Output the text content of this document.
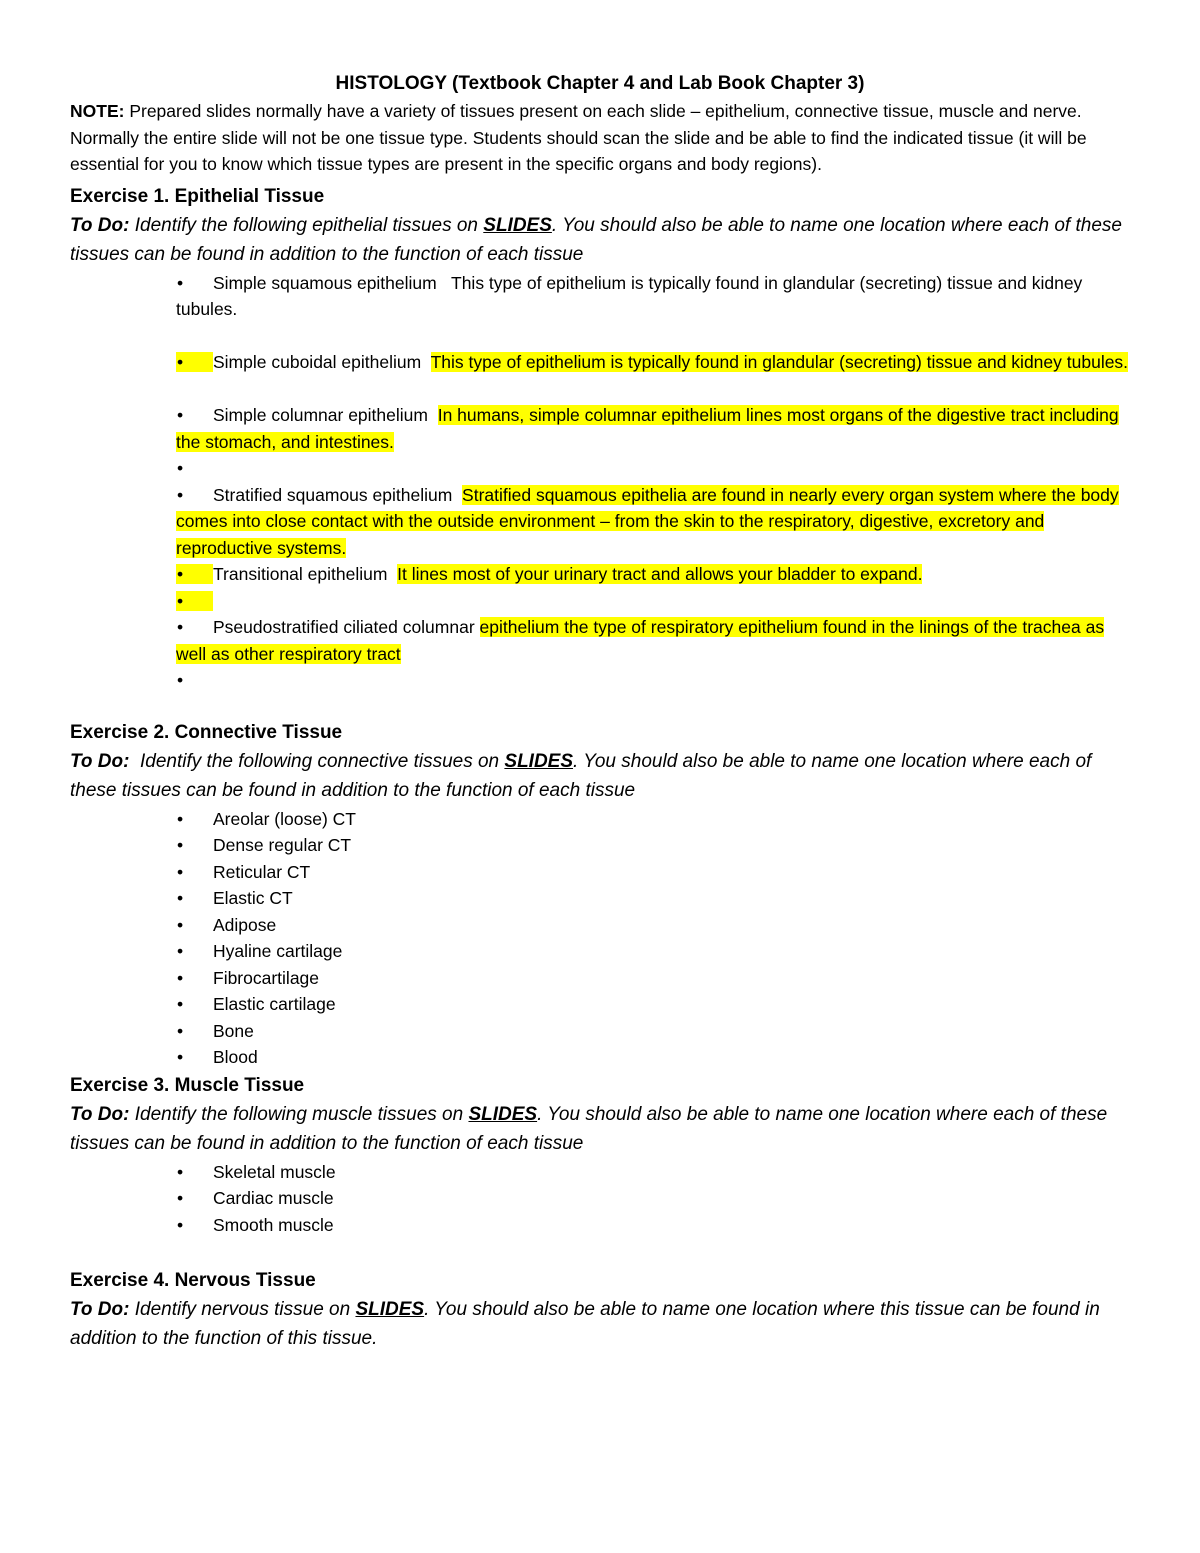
HISTOLOGY (Textbook Chapter 4 and Lab Book Chapter 3)

NOTE: Prepared slides normally have a variety of tissues present on each slide – epithelium, connective tissue, muscle and nerve. Normally the entire slide will not be one tissue type. Students should scan the slide and be able to find the indicated tissue (it will be essential for you to know which tissue types are present in the specific organs and body regions).

Exercise 1. Epithelial Tissue

To Do: Identify the following epithelial tissues on SLIDES. You should also be able to name one location where each of these tissues can be found in addition to the function of each tissue

• Simple squamous epithelium   This type of epithelium is typically found in glandular (secreting) tissue and kidney tubules.
• Simple cuboidal epithelium This type of epithelium is typically found in glandular (secreting) tissue and kidney tubules.
• Simple columnar epithelium In humans, simple columnar epithelium lines most organs of the digestive tract including the stomach, and intestines.
•
• Stratified squamous epithelium Stratified squamous epithelia are found in nearly every organ system where the body comes into close contact with the outside environment – from the skin to the respiratory, digestive, excretory and reproductive systems.
• Transitional epithelium It lines most of your urinary tract and allows your bladder to expand.
•
• Pseudostratified ciliated columnar epithelium the type of respiratory epithelium found in the linings of the trachea as well as other respiratory tract
•

Exercise 2. Connective Tissue

To Do:  Identify the following connective tissues on SLIDES. You should also be able to name one location where each of these tissues can be found in addition to the function of each tissue

• Areolar (loose) CT
• Dense regular CT
• Reticular CT
• Elastic CT
• Adipose
• Hyaline cartilage
• Fibrocartilage
• Elastic cartilage
• Bone
• Blood

Exercise 3. Muscle Tissue

To Do: Identify the following muscle tissues on SLIDES. You should also be able to name one location where each of these tissues can be found in addition to the function of each tissue

• Skeletal muscle
• Cardiac muscle
• Smooth muscle

Exercise 4. Nervous Tissue

To Do: Identify nervous tissue on SLIDES. You should also be able to name one location where this tissue can be found in addition to the function of this tissue.
